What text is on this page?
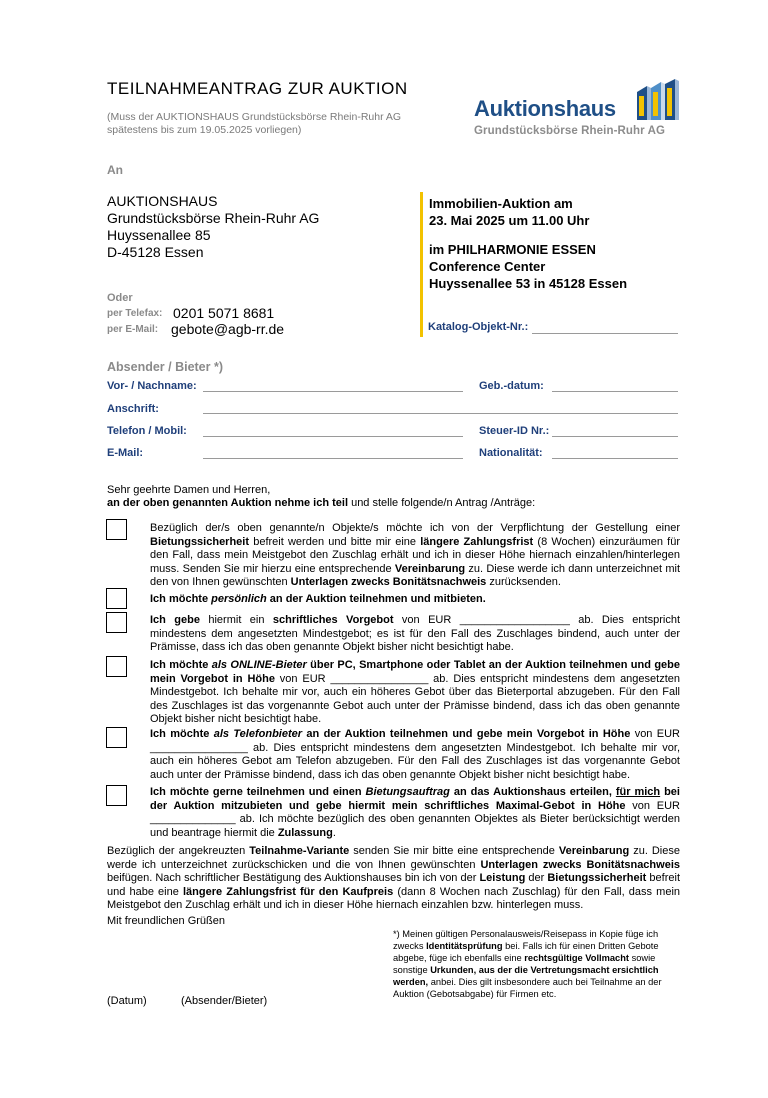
TEILNAHMEANTRAG ZUR AUKTION
(Muss der AUKTIONSHAUS Grundstücksbörse Rhein-Ruhr AG spätestens bis zum 19.05.2025 vorliegen)
Auktionshaus
Grundstücksbörse Rhein-Ruhr AG
An
AUKTIONSHAUS
Grundstücksbörse Rhein-Ruhr AG
Huyssenallee 85
D-45128 Essen
Oder
per Telefax: 0201 5071 8681
per E-Mail: gebote@agb-rr.de
Immobilien-Auktion am
23. Mai 2025 um 11.00 Uhr
im PHILHARMONIE ESSEN
Conference Center
Huyssenallee 53 in 45128 Essen
Katalog-Objekt-Nr.:
Absender / Bieter *)
Vor- / Nachname:	Geb.-datum:
Anschrift:
Telefon / Mobil:	Steuer-ID Nr.:
E-Mail:	Nationalität:
Sehr geehrte Damen und Herren,
an der oben genannten Auktion nehme ich teil und stelle folgende/n Antrag /Anträge:
Bezüglich der/s oben genannte/n Objekte/s möchte ich von der Verpflichtung der Gestellung einer Bietungssicherheit befreit werden und bitte mir eine längere Zahlungsfrist (8 Wochen) einzuräumen für den Fall, dass mein Meistgebot den Zuschlag erhält und ich in dieser Höhe hiernach einzahlen/hinterlegen muss. Senden Sie mir hierzu eine entsprechende Vereinbarung zu. Diese werde ich dann unterzeichnet mit den von Ihnen gewünschten Unterlagen zwecks Bonitätsnachweis zurücksenden.
Ich möchte persönlich an der Auktion teilnehmen und mitbieten.
Ich gebe hiermit ein schriftliches Vorgebot von EUR __________________ ab. Dies entspricht mindestens dem angesetzten Mindestgebot; es ist für den Fall des Zuschlages bindend, auch unter der Prämisse, dass ich das oben genannte Objekt bisher nicht besichtigt habe.
Ich möchte als ONLINE-Bieter über PC, Smartphone oder Tablet an der Auktion teilnehmen und gebe mein Vorgebot in Höhe von EUR ________________ ab. Dies entspricht mindestens dem angesetzten Mindestgebot. Ich behalte mir vor, auch ein höheres Gebot über das Bieterportal abzugeben. Für den Fall des Zuschlages ist das vorgenannte Gebot auch unter der Prämisse bindend, dass ich das oben genannte Objekt bisher nicht besichtigt habe.
Ich möchte als Telefonbieter an der Auktion teilnehmen und gebe mein Vorgebot in Höhe von EUR ________________ ab. Dies entspricht mindestens dem angesetzten Mindestgebot. Ich behalte mir vor, auch ein höheres Gebot am Telefon abzugeben. Für den Fall des Zuschlages ist das vorgenannte Gebot auch unter der Prämisse bindend, dass ich das oben genannte Objekt bisher nicht besichtigt habe.
Ich möchte gerne teilnehmen und einen Bietungsauftrag an das Auktionshaus erteilen, für mich bei der Auktion mitzubieten und gebe hiermit mein schriftliches Maximal-Gebot in Höhe von EUR ______________ ab. Ich möchte bezüglich des oben genannten Objektes als Bieter berücksichtigt werden und beantrage hiermit die Zulassung.
Bezüglich der angekreuzten Teilnahme-Variante senden Sie mir bitte eine entsprechende Vereinbarung zu. Diese werde ich unterzeichnet zurückschicken und die von Ihnen gewünschten Unterlagen zwecks Bonitätsnachweis beifügen. Nach schriftlicher Bestätigung des Auktionshauses bin ich von der Leistung der Bietungssicherheit befreit und habe eine längere Zahlungsfrist für den Kaufpreis (dann 8 Wochen nach Zuschlag) für den Fall, dass mein Meistgebot den Zuschlag erhält und ich in dieser Höhe hiernach einzahlen bzw. hinterlegen muss.
Mit freundlichen Grüßen
*) Meinen gültigen Personalausweis/Reisepass in Kopie füge ich zwecks Identitätsprüfung bei. Falls ich für einen Dritten Gebote abgebe, füge ich ebenfalls eine rechtsgültige Vollmacht sowie sonstige Urkunden, aus der die Vertretungsmacht ersichtlich werden, anbei. Dies gilt insbesondere auch bei Teilnahme an der Auktion (Gebotsabgabe) für Firmen etc.
(Datum)	(Absender/Bieter)
